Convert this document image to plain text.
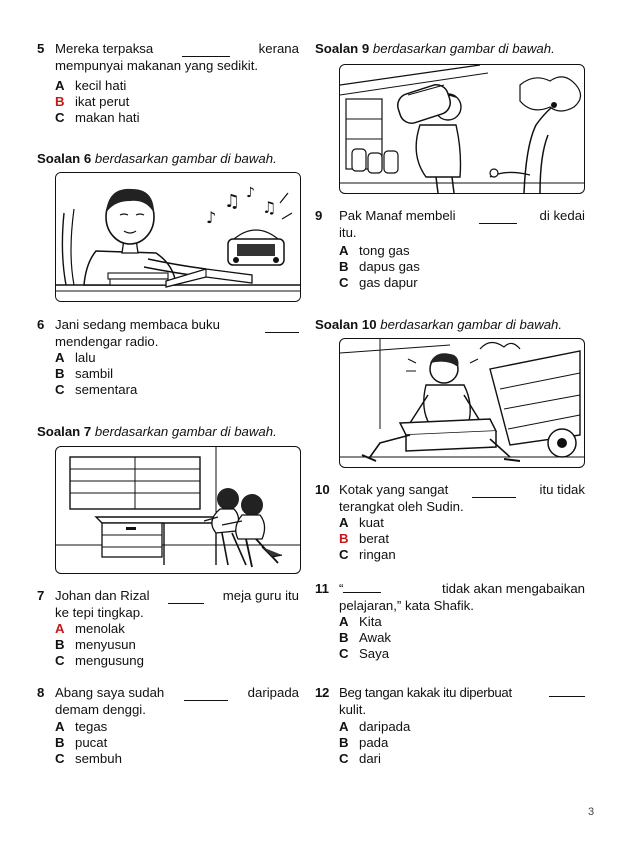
5 Mereka terpaksa	kerana
mempunyai makanan yang sedikit.
A kecil hati
B ikat perut
C makan hati
Soalan 6 berdasarkan gambar di bawah.
♪
♫ ♪
♫
6 Jani sedang membaca buku
mendengar radio.
A lalu
B sambil
C sementara
Soalan 7 berdasarkan gambar di bawah.
7 Johan dan Rizal	meja guru itu
ke tepi tingkap.
A menolak
B menyusun
C mengusung
8 Abang saya sudah	daripada
demam denggi.
A tegas
B pucat
C sembuh
Soalan 9 berdasarkan gambar di bawah.
9 Pak Manaf membeli	di kedai
itu.
A tong gas
B dapus gas
C gas dapur
Soalan 10 berdasarkan gambar di bawah.
10 Kotak yang sangat	itu tidak
terangkat oleh Sudin.
A kuat
B berat
C ringan
11 “	tidak akan mengabaikan
pelajaran,” kata Shafik.
A Kita
B Awak
C Saya
12 Beg tangan kakak itu diperbuat
kulit.
A daripada
B pada
C dari
3
